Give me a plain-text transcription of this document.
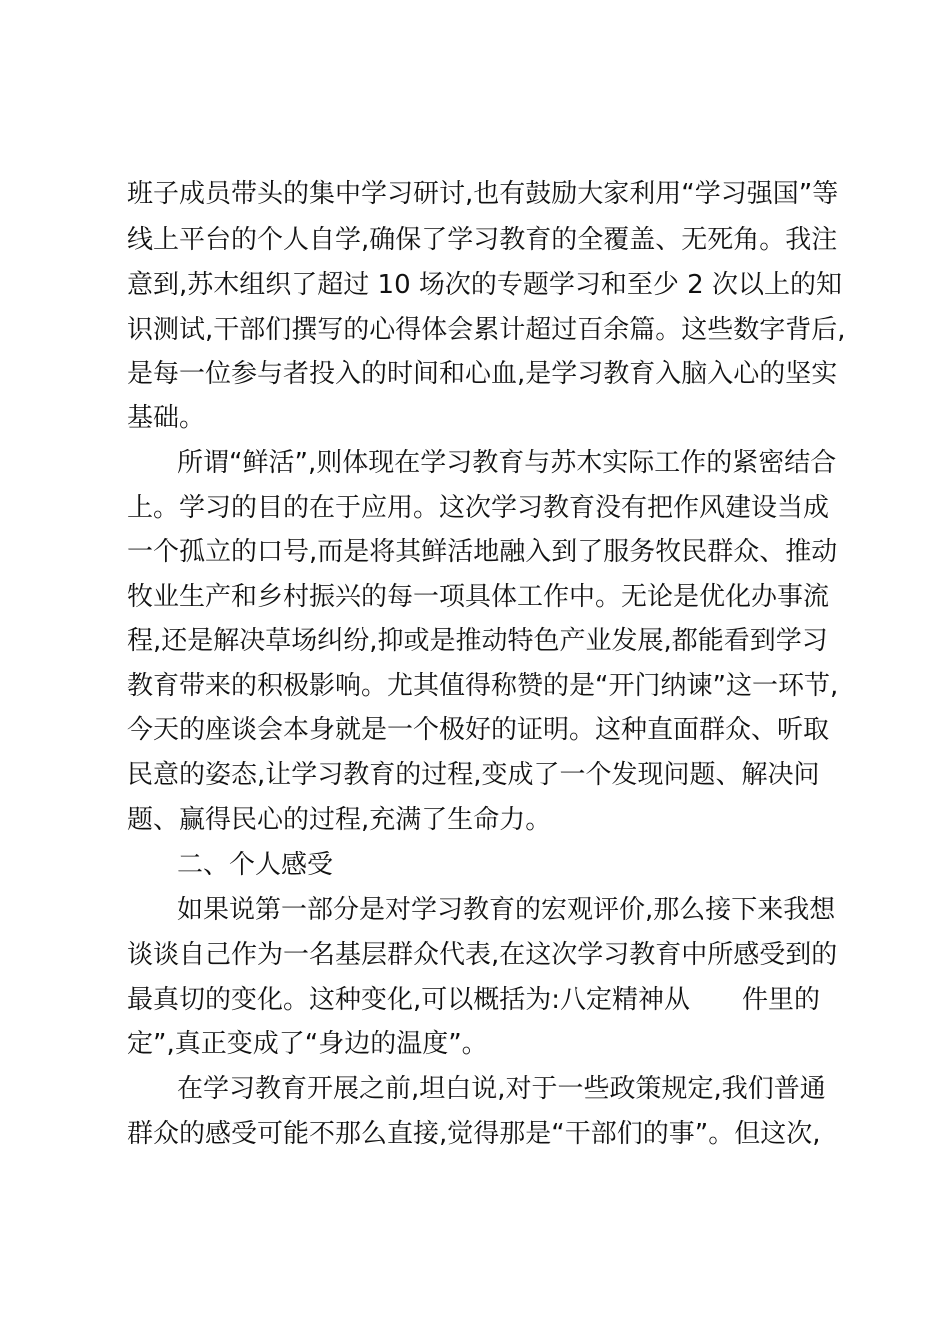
班子成员带头的集中学习研讨,也有鼓励大家利用“学习强国”等
线上平台的个人自学,确保了学习教育的全覆盖、无死角。我注
意到,苏木组织了超过 10 场次的专题学习和至少 2 次以上的知
识测试,干部们撰写的心得体会累计超过百余篇。这些数字背后,
是每一位参与者投入的时间和心血,是学习教育入脑入心的坚实
基础。
所谓“鲜活”,则体现在学习教育与苏木实际工作的紧密结合
上。学习的目的在于应用。这次学习教育没有把作风建设当成
一个孤立的口号,而是将其鲜活地融入到了服务牧民群众、推动
牧业生产和乡村振兴的每一项具体工作中。无论是优化办事流
程,还是解决草场纠纷,抑或是推动特色产业发展,都能看到学习
教育带来的积极影响。尤其值得称赞的是“开门纳谏”这一环节,
今天的座谈会本身就是一个极好的证明。这种直面群众、听取
民意的姿态,让学习教育的过程,变成了一个发现问题、解决问
题、赢得民心的过程,充满了生命力。
二、个人感受
如果说第一部分是对学习教育的宏观评价,那么接下来我想
谈谈自己作为一名基层群众代表,在这次学习教育中所感受到的
最真切的变化。这种变化,可以概括为:八定精神从　　件里的
定”,真正变成了“身边的温度”。
在学习教育开展之前,坦白说,对于一些政策规定,我们普通
群众的感受可能不那么直接,觉得那是“干部们的事”。但这次,
